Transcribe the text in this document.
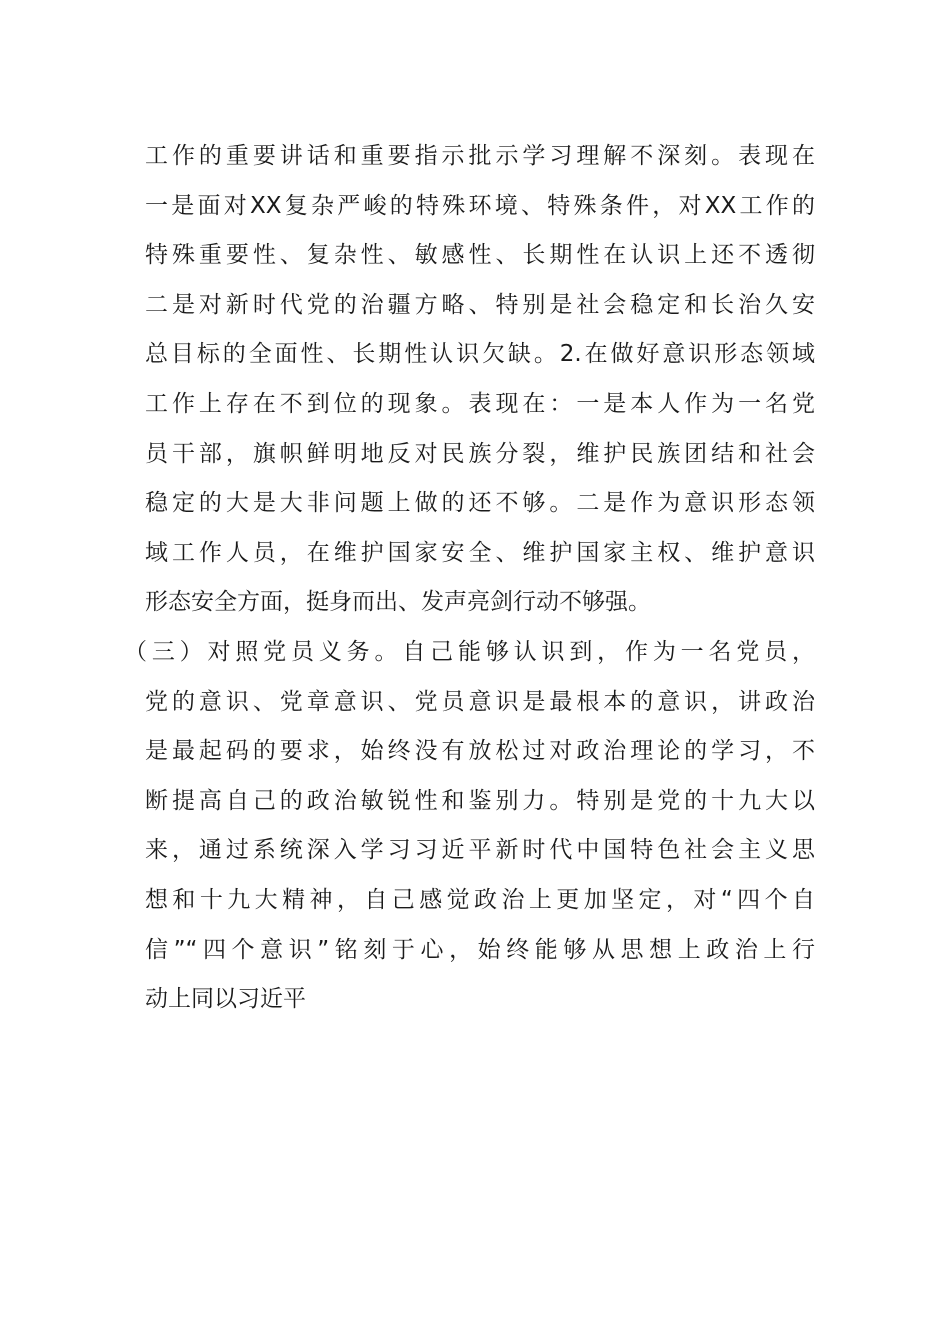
工作的重要讲话和重要指示批示学习理解不深刻。表现在
一是面对XX复杂严峻的特殊环境、特殊条件，对XX工作的
特殊重要性、复杂性、敏感性、长期性在认识上还不透彻
二是对新时代党的治疆方略、特别是社会稳定和长治久安
总目标的全面性、长期性认识欠缺。2.在做好意识形态领域
工作上存在不到位的现象。表现在：一是本人作为一名党
员干部，旗帜鲜明地反对民族分裂，维护民族团结和社会
稳定的大是大非问题上做的还不够。二是作为意识形态领
域工作人员，在维护国家安全、维护国家主权、维护意识
形态安全方面，挺身而出、发声亮剑行动不够强。
（三）对照党员义务。自己能够认识到，作为一名党员，
党的意识、党章意识、党员意识是最根本的意识，讲政治
是最起码的要求，始终没有放松过对政治理论的学习，不
断提高自己的政治敏锐性和鉴别力。特别是党的十九大以
来，通过系统深入学习习近平新时代中国特色社会主义思
想和十九大精神，自己感觉政治上更加坚定，对“四个自
信”“四个意识”铭刻于心，始终能够从思想上政治上行
动上同以习近平
